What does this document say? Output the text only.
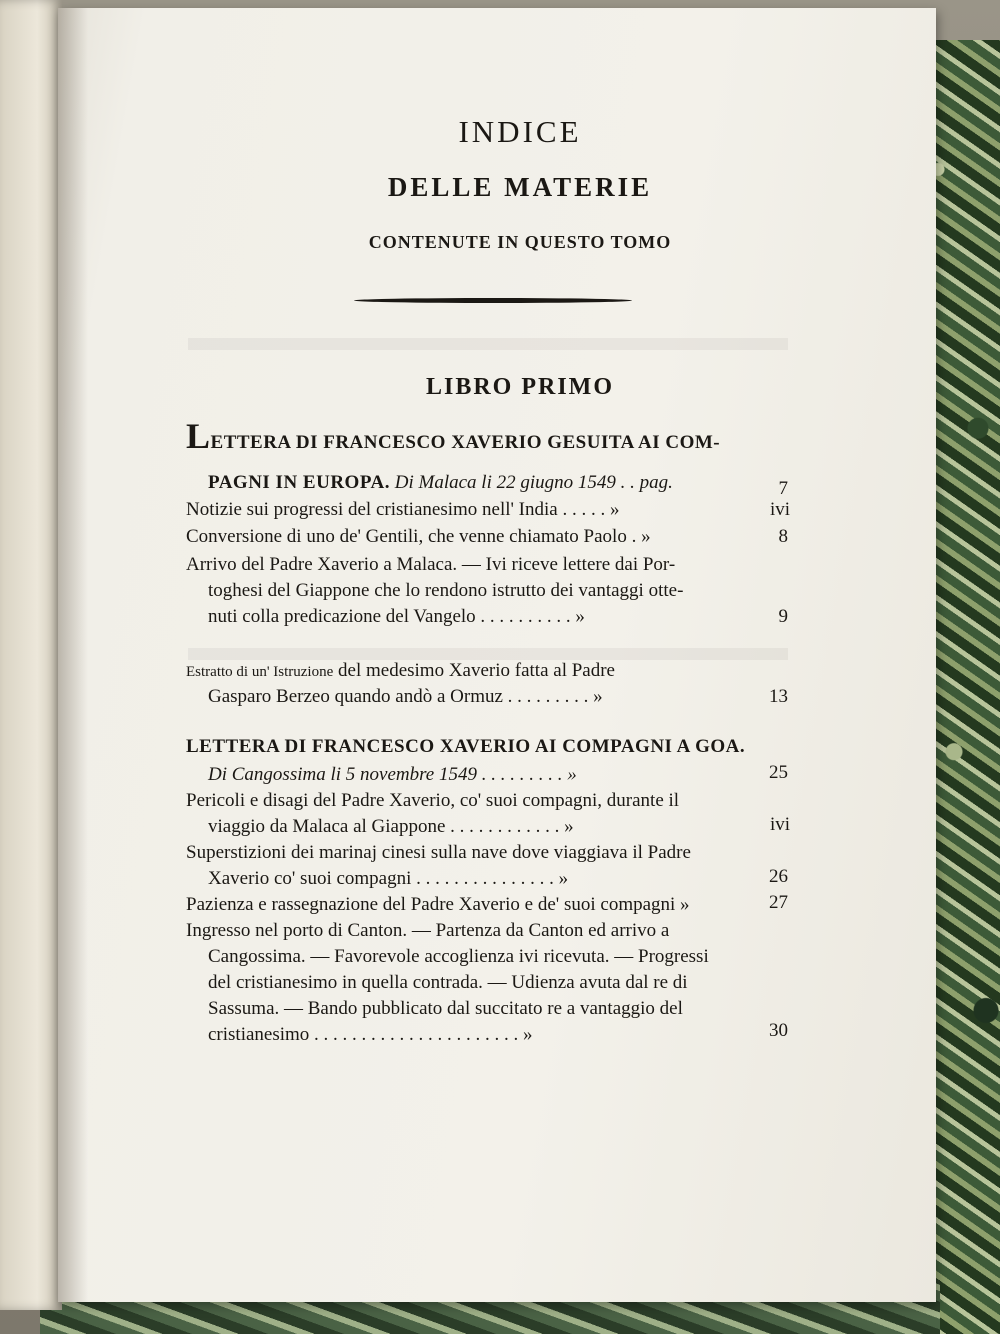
INDICE
DELLE MATERIE
CONTENUTE IN QUESTO TOMO
LIBRO PRIMO
LETTERA DI FRANCESCO XAVERIO GESUITA AI COM-
PAGNI IN EUROPA. Di Malaca li 22 giugno 1549 . . pag.	7
Notizie sui progressi del cristianesimo nell' India . . . . . »	ivi
Conversione di uno de' Gentili, che venne chiamato Paolo . »	8
Arrivo del Padre Xaverio a Malaca. — Ivi riceve lettere dai Por-
toghesi del Giappone che lo rendono istrutto dei vantaggi otte-
nuti colla predicazione del Vangelo . . . . . . . . . . »	9
Estratto di un' Istruzione del medesimo Xaverio fatta al Padre
Gasparo Berzeo quando andò a Ormuz . . . . . . . . . »	13
LETTERA DI FRANCESCO XAVERIO AI COMPAGNI A GOA.
Di Cangossima li 5 novembre 1549 . . . . . . . . . »	25
Pericoli e disagi del Padre Xaverio, co' suoi compagni, durante il
viaggio da Malaca al Giappone . . . . . . . . . . . . »	ivi
Superstizioni dei marinaj cinesi sulla nave dove viaggiava il Padre
Xaverio co' suoi compagni . . . . . . . . . . . . . . . »	26
Pazienza e rassegnazione del Padre Xaverio e de' suoi compagni »	27
Ingresso nel porto di Canton. — Partenza da Canton ed arrivo a
Cangossima. — Favorevole accoglienza ivi ricevuta. — Progressi
del cristianesimo in quella contrada. — Udienza avuta dal re di
Sassuma. — Bando pubblicato dal succitato re a vantaggio del
cristianesimo . . . . . . . . . . . . . . . . . . . . . . »	30
